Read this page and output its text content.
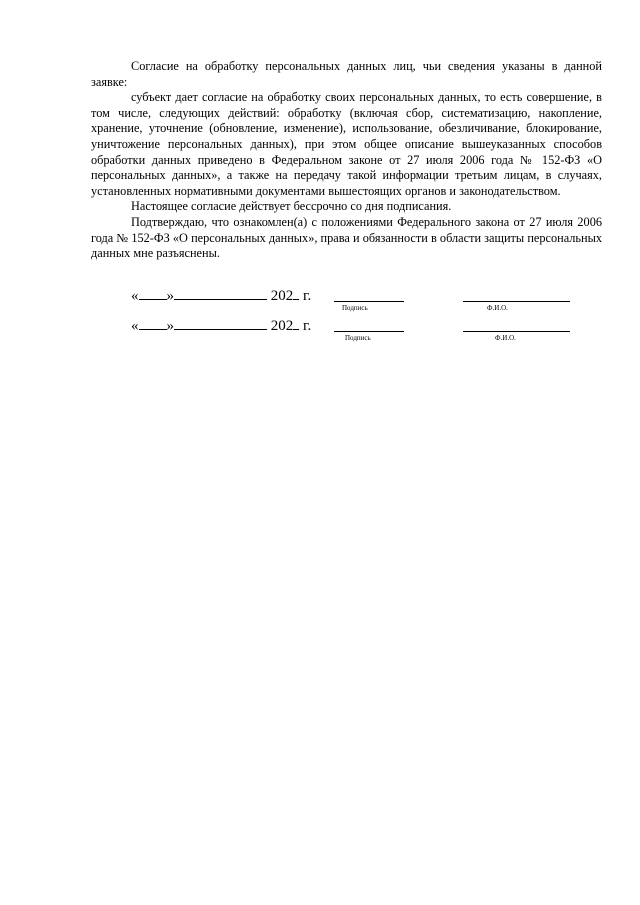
Согласие на обработку персональных данных лиц, чьи сведения указаны в данной заявке:

субъект дает согласие на обработку своих персональных данных, то есть совершение, в том числе, следующих действий: обработку (включая сбор, систематизацию, накопление, хранение, уточнение (обновление, изменение), использование, обезличивание, блокирование, уничтожение персональных данных), при этом общее описание вышеуказанных способов обработки данных приведено в Федеральном законе от 27 июля 2006 года № 152-ФЗ «О персональных данных», а также на передачу такой информации третьим лицам, в случаях, установленных нормативными документами вышестоящих органов и законодательством.

Настоящее согласие действует бессрочно со дня подписания.

Подтверждаю, что ознакомлен(а) с положениями Федерального закона от 27 июля 2006 года № 152-ФЗ «О персональных данных», права и обязанности в области защиты персональных данных мне разъяснены.

« »	202 г.
Подпись	Ф.И.О.
« »	202 г.
Подпись	Ф.И.О.
